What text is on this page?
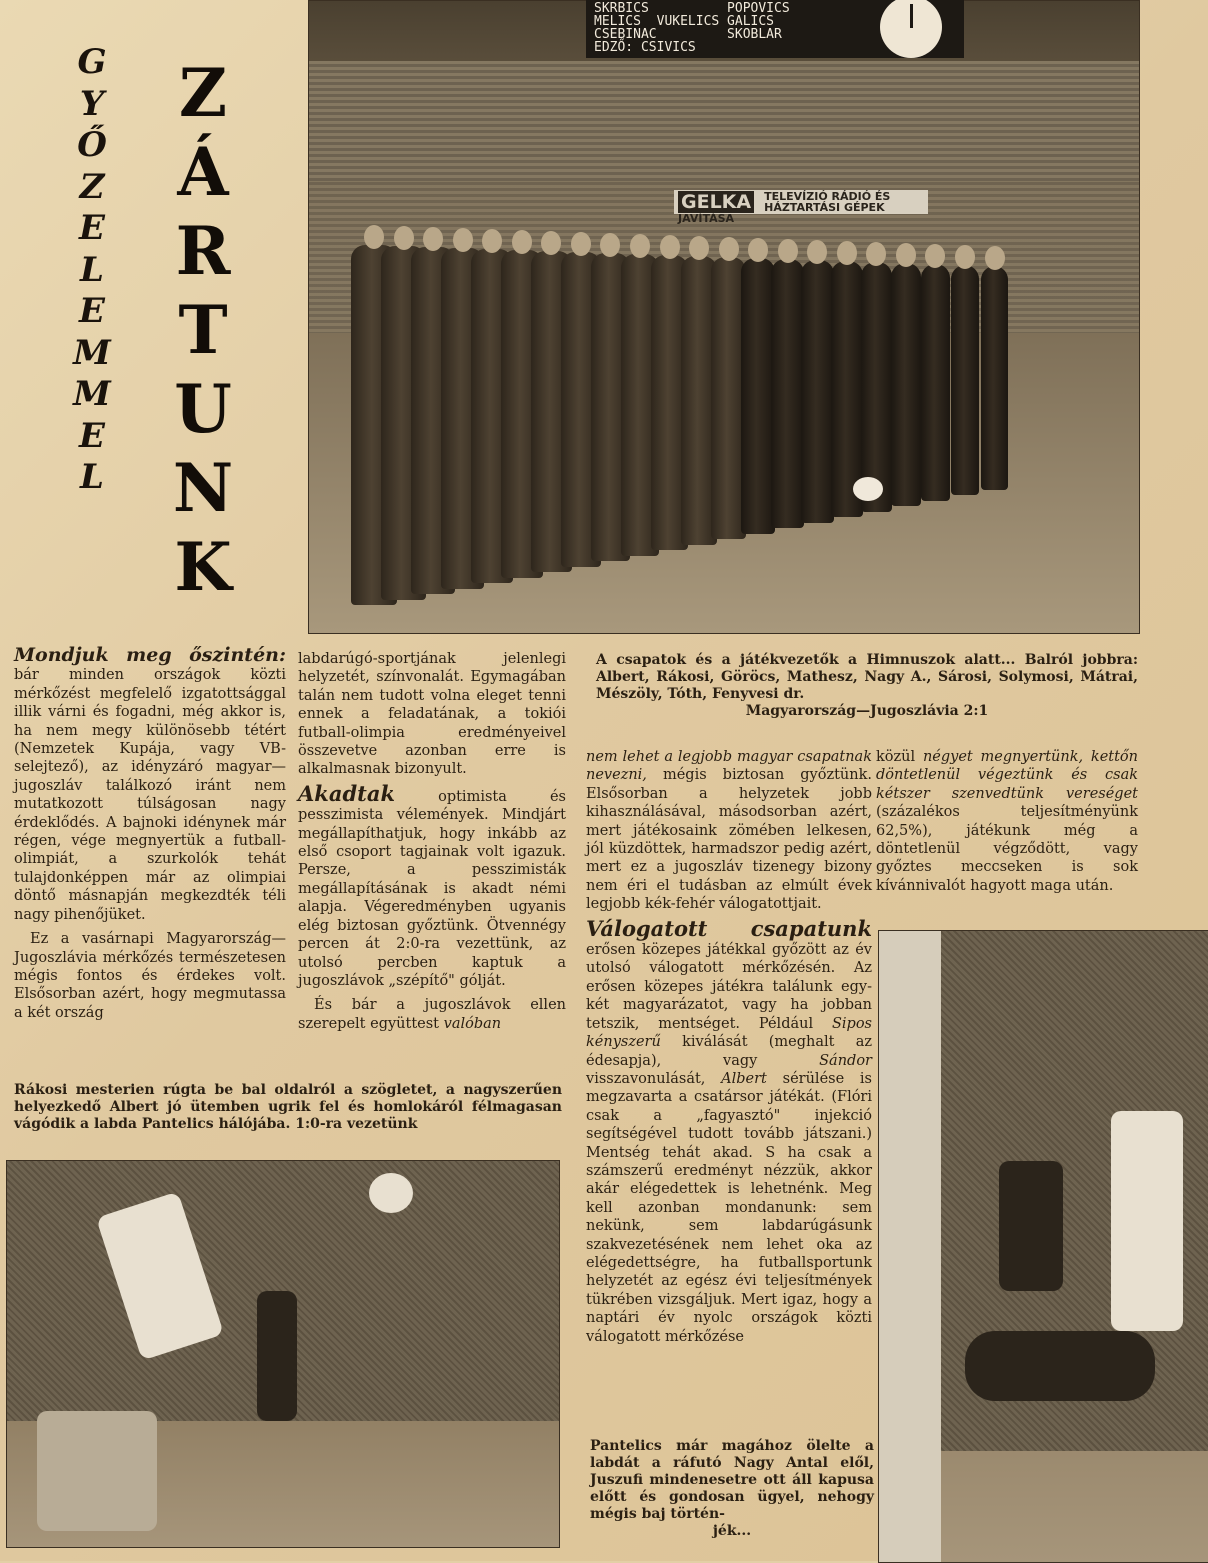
G
Y
Ő
Z
E
L
E
M
M
E
L
Z
Á
R
T
U
N
K
SKRBICS          POPOVICS
MELICS  VUKELICS GALICS
CSEBINAC         SKOBLAR
EDZŐ: CSIVICS
GELKA	TELEVÍZIÓ RÁDIÓ ÉS
HÁZTARTÁSI GÉPEK JAVÍTÁSA

Mondjuk meg őszintén: bár minden országok közti mérkőzést megfelelő izgatottsággal illik várni és fogadni, még akkor is, ha nem megy különösebb tétért (Nemzetek Kupája, vagy VB-selejtező), az idényzáró magyar—jugoszláv találkozó iránt nem mutatkozott túlságosan nagy érdeklődés. A bajnoki idénynek már régen, vége megnyertük a futball-olimpiát, a szurkolók tehát tulajdonképpen már az olimpiai döntő másnapján megkezdték téli nagy pihenőjüket.

Ez a vasárnapi Magyarország—Jugoszlávia mérkőzés természetesen mégis fontos és érdekes volt. Elsősorban azért, hogy megmutassa a két ország

labdarúgó-sportjának jelenlegi helyzetét, színvonalát. Egymagában talán nem tudott volna eleget tenni ennek a feladatának, a tokiói futball-olimpia eredményeivel összevetve azonban erre is alkalmasnak bizonyult.

Akadtak	optimista és pesszimista vélemények. Mindjárt megállapíthatjuk, hogy inkább az első csoport tagjainak volt igazuk. Persze, a pesszimisták megállapításának is akadt némi alapja. Végeredményben ugyanis elég biztosan győztünk. Ötvennégy percen át 2:0-ra vezettünk, az utolsó percben kaptuk a jugoszlávok „szépítő" gólját.

És bár a jugoszlávok ellen szerepelt együttest valóban

A csapatok és a játékvezetők a Himnuszok alatt... Balról jobbra: Albert, Rákosi, Göröcs, Mathesz, Nagy A., Sárosi, Solymosi, Mátrai, Mészöly, Tóth, Fenyvesi dr.
Magyarország—Jugoszlávia 2:1

nem lehet a legjobb magyar csapatnak nevezni, mégis biztosan győztünk. Elsősorban a helyzetek jobb kihasználásával, másodsorban azért, mert játékosaink zömében lelkesen, jól küzdöttek, harmadszor pedig azért, mert ez a jugoszláv tizenegy bizony nem éri el tudásban az elmúlt évek legjobb kék-fehér válogatottjait.

Válogatott csapatunk erősen közepes játékkal győzött az év utolsó válogatott mérkőzésén. Az erősen közepes játékra találunk egy-két magyarázatot, vagy ha jobban tetszik, mentséget. Például Sipos kényszerű kiválását (meghalt az édesapja), vagy	Sándor visszavonulását, Albert sérülése is megzavarta a csatársor játékát. (Flóri csak a „fagyasztó" injekció segítségével tudott tovább játszani.) Mentség tehát akad. S ha csak a számszerű eredményt nézzük, akkor akár elégedettek is lehetnénk. Meg kell azonban mondanunk: sem nekünk, sem labdarúgásunk szakvezetésének nem lehet oka az elégedettségre, ha futballsportunk helyzetét az egész évi teljesítmények tükrében vizsgáljuk. Mert igaz, hogy a naptári év nyolc országok közti válogatott mérkőzése

közül négyet megnyertünk, kettőn döntetlenül végeztünk és csak kétszer szenvedtünk vereséget (százalékos teljesítményünk 62,5%), játékunk még a döntetlenül végződött, vagy győztes meccseken is sok kívánnivalót hagyott maga után.

Rákosi mesterien rúgta be bal oldalról a szögletet, a nagyszerűen helyezkedő Albert jó ütemben ugrik fel és homlokáról félmagasan vágódik a labda Pantelics hálójába. 1:0-ra vezetünk
Pantelics már magához ölelte a labdát a ráfutó Nagy Antal elől, Juszufi mindenesetre ott áll kapusa előtt és gondosan ügyel, nehogy mégis baj történ-
jék...
